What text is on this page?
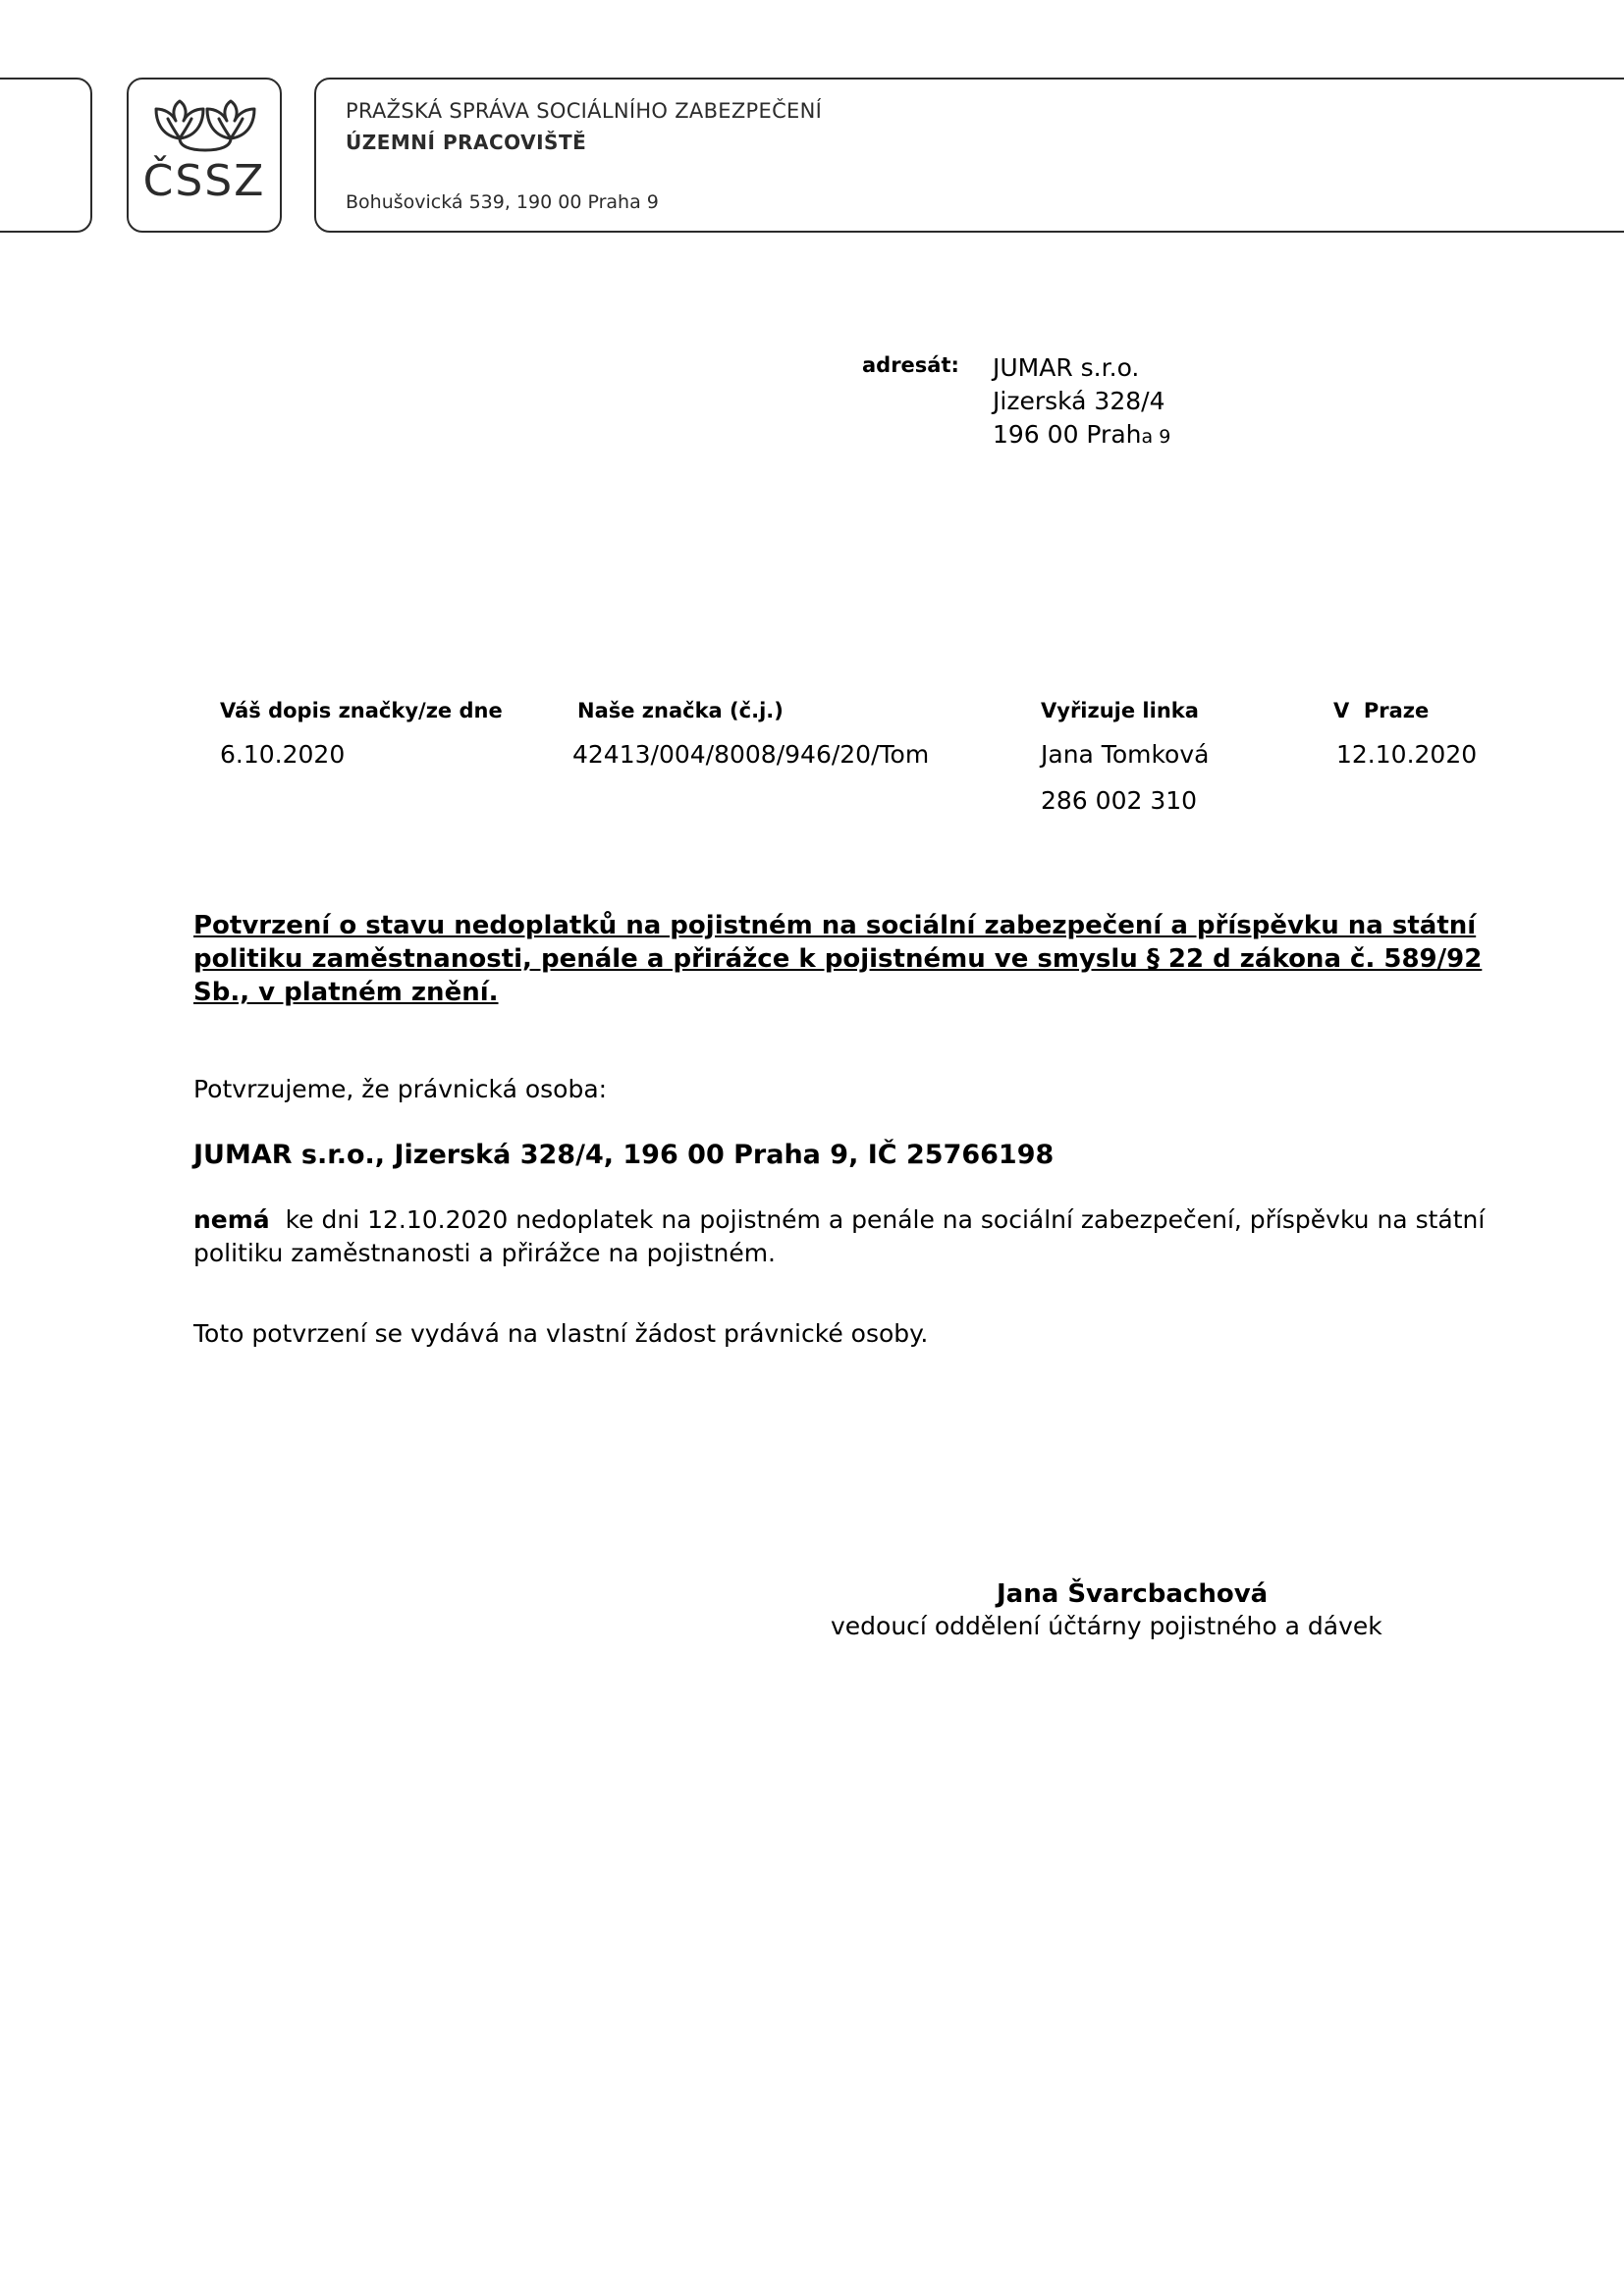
ČSSZ
PRAŽSKÁ SPRÁVA SOCIÁLNÍHO ZABEZPEČENÍ
ÚZEMNÍ PRACOVIŠTĚ
Bohušovická 539, 190 00 Praha 9
adresát: JUMAR s.r.o.
Jizerská 328/4
196 00 Praha 9
Váš dopis značky/ze dne
6.10.2020
Naše značka (č.j.)
42413/004/8008/946/20/Tom
Vyřizuje linka
Jana Tomková
286 002 310
V  Praze
12.10.2020
Potvrzení o stavu nedoplatků na pojistném na sociální zabezpečení a příspěvku na státní politiku zaměstnanosti, penále a přirážce k pojistnému ve smyslu § 22 d zákona č. 589/92 Sb., v platném znění.
Potvrzujeme, že právnická osoba:
JUMAR s.r.o., Jizerská 328/4, 196 00 Praha 9, IČ 25766198
nemá  ke dni 12.10.2020 nedoplatek na pojistném a penále na sociální zabezpečení, příspěvku na státní politiku zaměstnanosti a přirážce na pojistném.
Toto potvrzení se vydává na vlastní žádost právnické osoby.
Jana Švarcbachová
vedoucí oddělení účtárny pojistného a dávek
